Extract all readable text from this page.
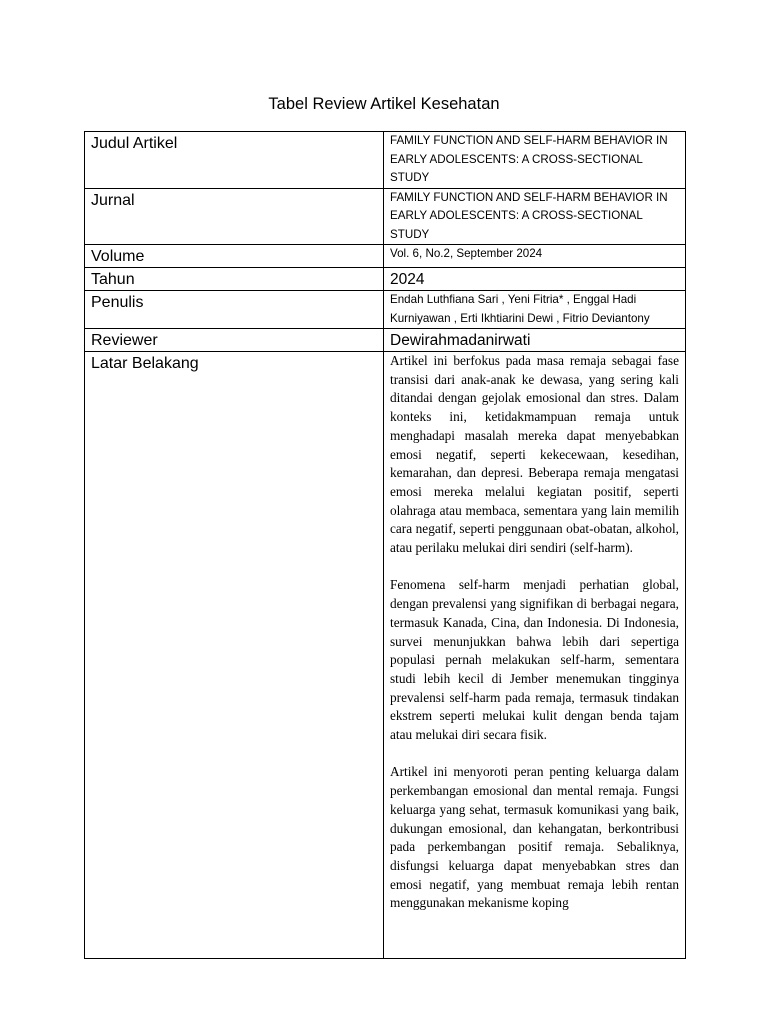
Tabel Review Artikel Kesehatan
Judul Artikel	FAMILY FUNCTION AND SELF-HARM BEHAVIOR IN
EARLY ADOLESCENTS: A CROSS-SECTIONAL STUDY

Jurnal	FAMILY FUNCTION AND SELF-HARM BEHAVIOR IN
EARLY ADOLESCENTS: A CROSS-SECTIONAL STUDY

Volume	Vol. 6, No.2, September 2024
Tahun	2024
Penulis	Endah Luthfiana Sari , Yeni Fitria* , Enggal Hadi
Kurniyawan , Erti Ikhtiarini Dewi , Fitrio Deviantony

Reviewer	Dewirahmadanirwati
Latar Belakang	Artikel ini berfokus pada masa remaja sebagai fase transisi dari anak-anak ke dewasa, yang sering kali ditandai dengan gejolak emosional dan stres. Dalam konteks ini, ketidakmampuan remaja untuk menghadapi masalah mereka dapat menyebabkan emosi negatif, seperti kekecewaan, kesedihan, kemarahan, dan depresi. Beberapa remaja mengatasi emosi mereka melalui kegiatan positif, seperti olahraga atau membaca, sementara yang lain memilih cara negatif, seperti penggunaan obat-obatan, alkohol, atau perilaku melukai diri sendiri (self-harm).

Fenomena self-harm menjadi perhatian global, dengan prevalensi yang signifikan di berbagai negara, termasuk Kanada, Cina, dan Indonesia. Di Indonesia, survei menunjukkan bahwa lebih dari sepertiga populasi pernah melakukan self-harm, sementara studi lebih kecil di Jember menemukan tingginya prevalensi self-harm pada remaja, termasuk tindakan ekstrem seperti melukai kulit dengan benda tajam atau melukai diri secara fisik.

Artikel ini menyoroti peran penting keluarga dalam perkembangan emosional dan mental remaja. Fungsi keluarga yang sehat, termasuk komunikasi yang baik, dukungan emosional, dan kehangatan, berkontribusi pada perkembangan positif remaja. Sebaliknya, disfungsi keluarga dapat menyebabkan stres dan emosi negatif, yang membuat remaja lebih rentan menggunakan mekanisme koping
